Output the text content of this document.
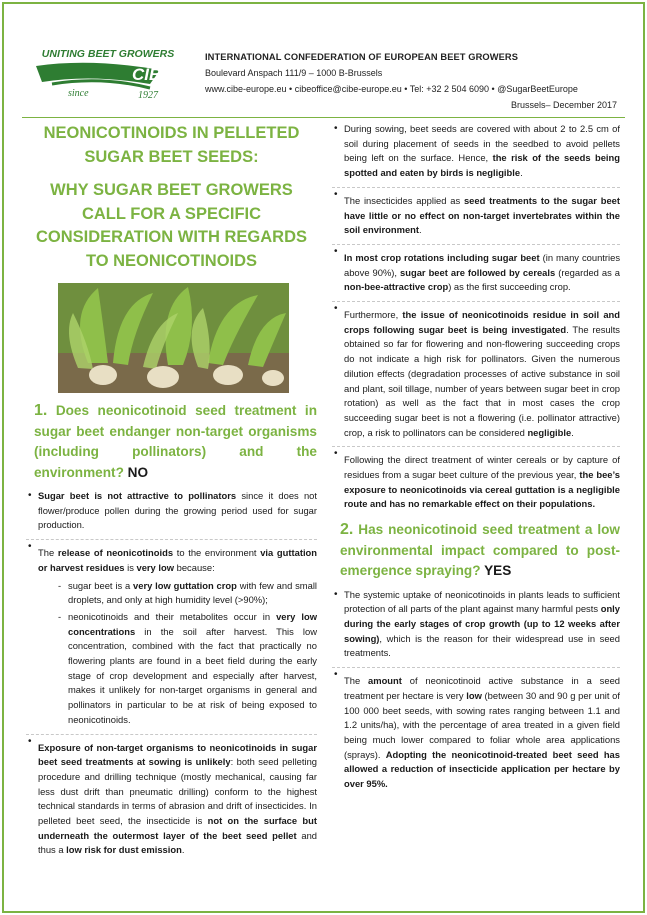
UNITING BEET GROWERS
CIBE
since	1927
INTERNATIONAL CONFEDERATION OF EUROPEAN BEET GROWERS
Boulevard Anspach 111/9 – 1000 B-Brussels
www.cibe-europe.eu • cibeoffice@cibe-europe.eu • Tel: +32 2 504 6090 • @SugarBeetEurope
Brussels– December 2017

NEONICOTINOIDS IN PELLETED SUGAR BEET SEEDS:

WHY SUGAR BEET GROWERS CALL FOR A SPECIFIC CONSIDERATION WITH REGARDS TO NEONICOTINOIDS

1. Does neonicotinoid seed treatment in sugar beet endanger non-target organisms (including pollinators) and the environment? NO
• Sugar beet is not attractive to pollinators since it does not flower/produce pollen during the growing period used for sugar production.
• The release of neonicotinoids to the environment via guttation or harvest residues is very low because:
- sugar beet is a very low guttation crop with few and small droplets, and only at high humidity level (>90%);
- neonicotinoids and their metabolites occur in very low concentrations in the soil after harvest. This low concentration, combined with the fact that practically no flowering plants are found in a beet field during the early stage of crop development and especially after harvest, makes it unlikely for non-target organisms in general and pollinators in particular to be at risk of being exposed to neonicotinoids.
• Exposure of non-target organisms to neonicotinoids in sugar beet seed treatments at sowing is unlikely: both seed pelleting procedure and drilling technique (mostly mechanical, causing far less dust drift than pneumatic drilling) conform to the highest technical standards in terms of abrasion and drift of insecticides. In pelleted beet seed, the insecticide is not on the surface but underneath the outermost layer of the beet seed pellet and thus a low risk for dust emission.
• During sowing, beet seeds are covered with about 2 to 2.5 cm of soil during placement of seeds in the seedbed to avoid pellets being left on the surface. Hence, the risk of the seeds being spotted and eaten by birds is negligible.
• The insecticides applied as seed treatments to the sugar beet have little or no effect on non-target invertebrates within the soil environment.
• In most crop rotations including sugar beet (in many countries above 90%), sugar beet are followed by cereals (regarded as a non-bee-attractive crop) as the first succeeding crop.
• Furthermore, the issue of neonicotinoids residue in soil and crops following sugar beet is being investigated. The results obtained so far for flowering and non-flowering succeeding crops do not indicate a high risk for pollinators. Given the numerous dilution effects (degradation processes of active substance in soil and plant, soil tillage, number of years between sugar beet in crop rotation) as well as the fact that in most cases the crop succeeding sugar beet is not a flowering (i.e. pollinator attractive) crop, a risk to pollinators can be considered negligible.
• Following the direct treatment of winter cereals or by capture of residues from a sugar beet culture of the previous year, the bee’s exposure to neonicotinoids via cereal guttation is a negligible route and has no remarkable effect on their populations.
2. Has neonicotinoid seed treatment a low environmental impact compared to post-emergence spraying? YES
• The systemic uptake of neonicotinoids in plants leads to sufficient protection of all parts of the plant against many harmful pests only during the early stages of crop growth (up to 12 weeks after sowing), which is the reason for their widespread use in seed treatments.
• The amount of neonicotinoid active substance in a seed treatment per hectare is very low (between 30 and 90 g per unit of 100 000 beet seeds, with sowing rates ranging between 1.1 and 1.2 units/ha), with the percentage of area treated in a given field being much lower compared to foliar whole area applications (sprays). Adopting the neonicotinoid-treated beet seed has allowed a reduction of insecticide application per hectare by over 95%.
